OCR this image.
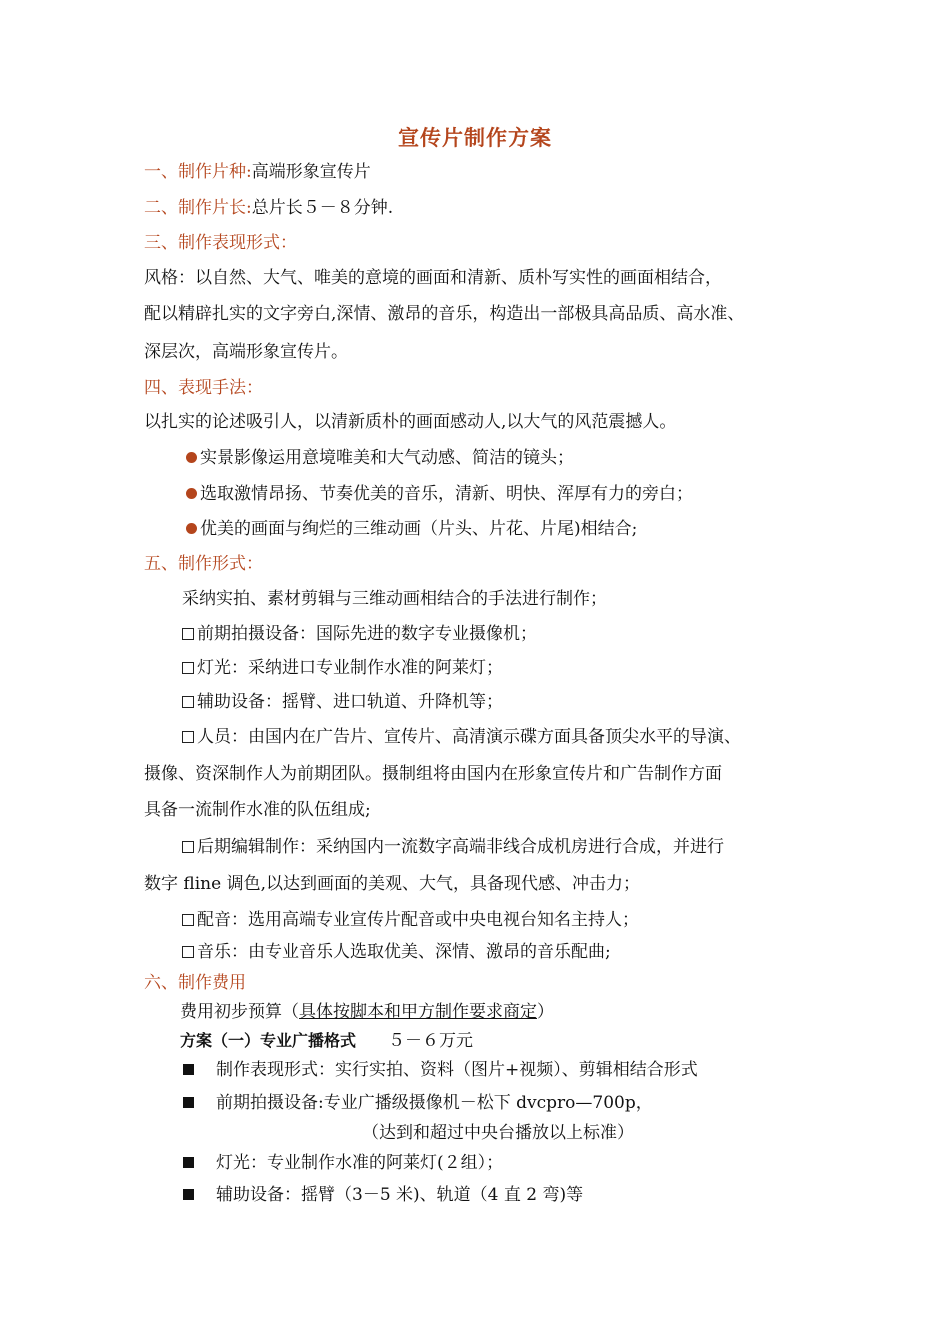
宣传片制作方案
一、制作片种:高端形象宣传片
二、制作片长:总片长５－８分钟.
三、制作表现形式：
风格：以自然、大气、唯美的意境的画面和清新、质朴写实性的画面相结合，
配以精辟扎实的文字旁白,深情、激昂的音乐，构造出一部极具高品质、高水准、
深层次，高端形象宣传片。
四、表现手法：
以扎实的论述吸引人，以清新质朴的画面感动人,以大气的风范震撼人。
实景影像运用意境唯美和大气动感、简洁的镜头；
选取激情昂扬、节奏优美的音乐，清新、明快、浑厚有力的旁白；
优美的画面与绚烂的三维动画（片头、片花、片尾)相结合;
五、制作形式：
采纳实拍、素材剪辑与三维动画相结合的手法进行制作；
前期拍摄设备：国际先进的数字专业摄像机；
灯光：采纳进口专业制作水准的阿莱灯；
辅助设备：摇臂、进口轨道、升降机等；
人员：由国内在广告片、宣传片、高清演示碟方面具备顶尖水平的导演、
摄像、资深制作人为前期团队。摄制组将由国内在形象宣传片和广告制作方面
具备一流制作水准的队伍组成;
后期编辑制作：采纳国内一流数字高端非线合成机房进行合成，并进行
数字 fline 调色,以达到画面的美观、大气，具备现代感、冲击力；
配音：选用高端专业宣传片配音或中央电视台知名主持人；
音乐：由专业音乐人选取优美、深情、激昂的音乐配曲;
六、制作费用
费用初步预算（具体按脚本和甲方制作要求商定）
方案（一）专业广播格式 ５－６万元
制作表现形式：实行实拍、资料（图片+视频）、剪辑相结合形式
前期拍摄设备:专业广播级摄像机－松下 dvcpro—700p，
（达到和超过中央台播放以上标准）
灯光：专业制作水准的阿莱灯(２组）；
辅助设备：摇臂（3－5 米)、轨道（4 直 2 弯)等
